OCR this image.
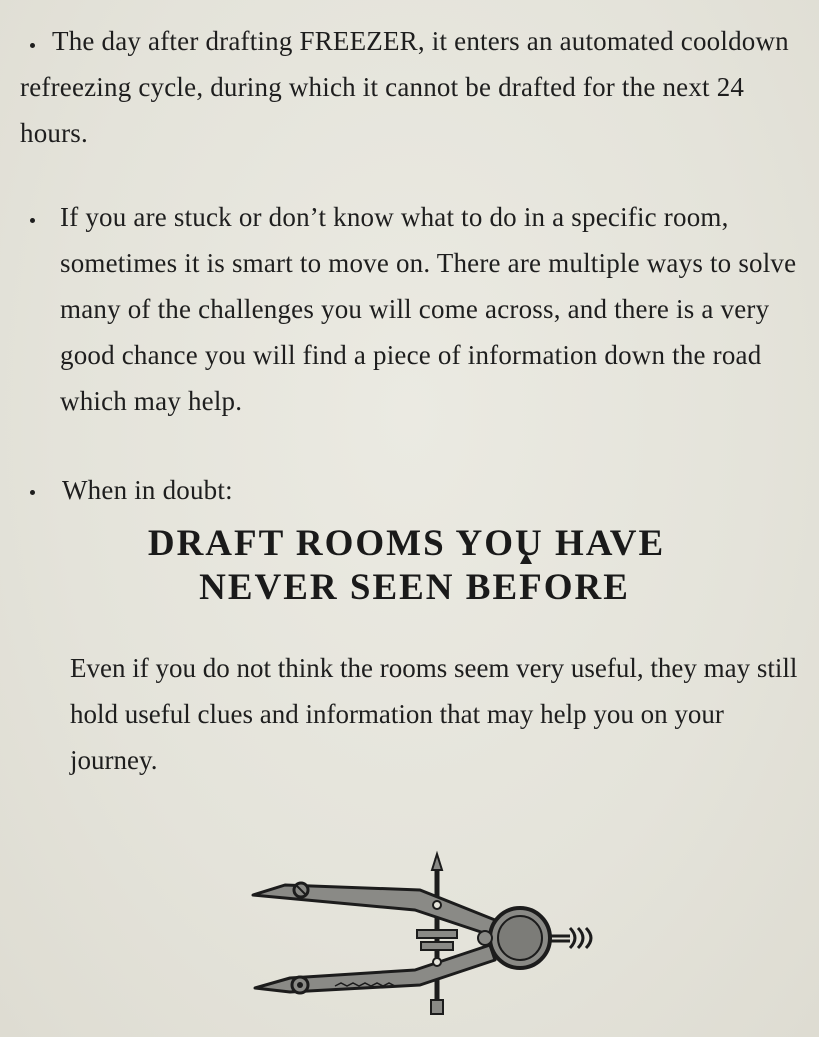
The day after drafting FREEZER, it enters an automated cooldown refreezing cycle, during which it cannot be drafted for the next 24 hours.
If you are stuck or don’t know what to do in a specific room, sometimes it is smart to move on. There are multiple ways to solve many of the challenges you will come across, and there is a very good chance you will find a piece of information down the road which may help.
When in doubt:
DRAFT ROOMS YOU HAVE
NEVER SEEN BEFORE
Even if you do not think the rooms seem very useful, they may still hold useful clues and information that may help you on your journey.
